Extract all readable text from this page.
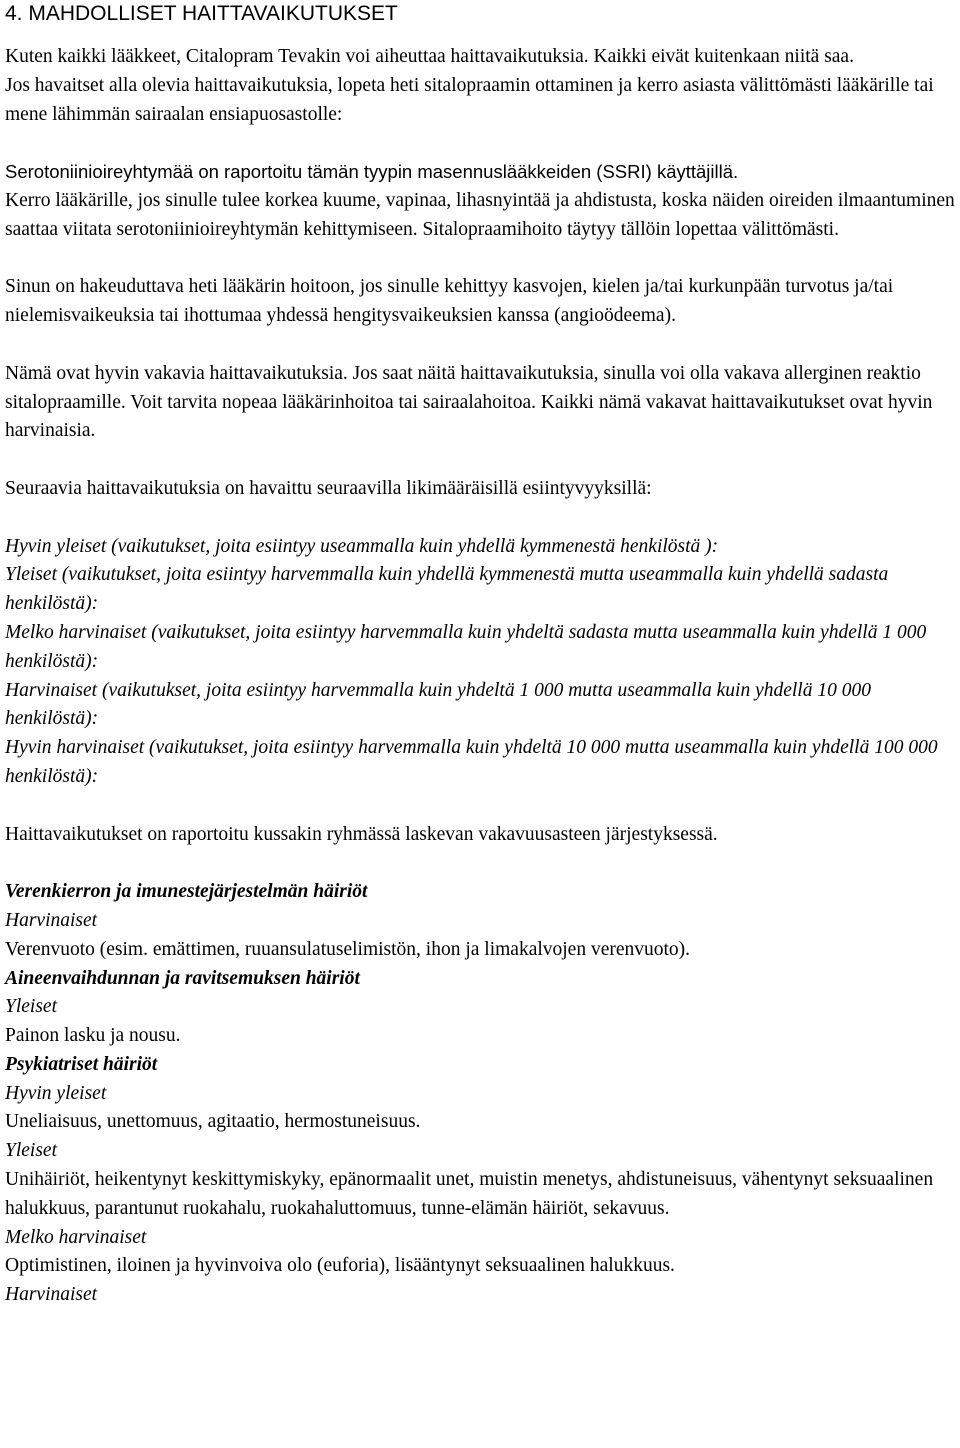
4. MAHDOLLISET HAITTAVAIKUTUKSET

Kuten kaikki lääkkeet, Citalopram Tevakin voi aiheuttaa haittavaikutuksia. Kaikki eivät kuitenkaan niitä saa.

Jos havaitset alla olevia haittavaikutuksia, lopeta heti sitalopraamin ottaminen ja kerro asiasta välittömästi lääkärille tai mene lähimmän sairaalan ensiapuosastolle:

Serotoniinioireyhtymää on raportoitu tämän tyypin masennuslääkkeiden (SSRI) käyttäjillä.

Kerro lääkärille, jos sinulle tulee korkea kuume, vapinaa, lihasnyintää ja ahdistusta, koska näiden oireiden ilmaantuminen saattaa viitata serotoniinioireyhtymän kehittymiseen. Sitalopraamihoito täytyy tällöin lopettaa välittömästi.

Sinun on hakeuduttava heti lääkärin hoitoon, jos sinulle kehittyy kasvojen, kielen ja/tai kurkunpään turvotus ja/tai nielemisvaikeuksia tai ihottumaa yhdessä hengitysvaikeuksien kanssa (angioödeema).

Nämä ovat hyvin vakavia haittavaikutuksia. Jos saat näitä haittavaikutuksia, sinulla voi olla vakava allerginen reaktio sitalopraamille. Voit tarvita nopeaa lääkärinhoitoa tai sairaalahoitoa. Kaikki nämä vakavat haittavaikutukset ovat hyvin harvinaisia.

Seuraavia haittavaikutuksia on havaittu seuraavilla likimääräisillä esiintyvyyksillä:

Hyvin yleiset (vaikutukset, joita esiintyy useammalla kuin yhdellä kymmenestä henkilöstä ):

Yleiset (vaikutukset, joita esiintyy harvemmalla kuin yhdellä kymmenestä mutta useammalla kuin yhdellä sadasta henkilöstä):

Melko harvinaiset (vaikutukset, joita esiintyy harvemmalla kuin yhdeltä sadasta mutta useammalla kuin yhdellä 1 000 henkilöstä):

Harvinaiset (vaikutukset, joita esiintyy harvemmalla kuin yhdeltä 1 000 mutta useammalla kuin yhdellä 10 000 henkilöstä):

Hyvin harvinaiset (vaikutukset, joita esiintyy harvemmalla kuin yhdeltä 10 000 mutta useammalla kuin yhdellä 100 000 henkilöstä):

Haittavaikutukset on raportoitu kussakin ryhmässä laskevan vakavuusasteen järjestyksessä.

Verenkierron ja imunestejärjestelmän häiriöt

Harvinaiset

Verenvuoto (esim. emättimen, ruuansulatuselimistön, ihon ja limakalvojen verenvuoto).

Aineenvaihdunnan ja ravitsemuksen häiriöt

Yleiset

Painon lasku ja nousu.

Psykiatriset häiriöt

Hyvin yleiset

Uneliaisuus, unettomuus, agitaatio, hermostuneisuus.

Yleiset

Unihäiriöt, heikentynyt keskittymiskyky, epänormaalit unet, muistin menetys, ahdistuneisuus, vähentynyt seksuaalinen halukkuus, parantunut ruokahalu, ruokahaluttomuus, tunne-elämän häiriöt, sekavuus.

Melko harvinaiset

Optimistinen, iloinen ja hyvinvoiva olo (euforia), lisääntynyt seksuaalinen halukkuus.

Harvinaiset
